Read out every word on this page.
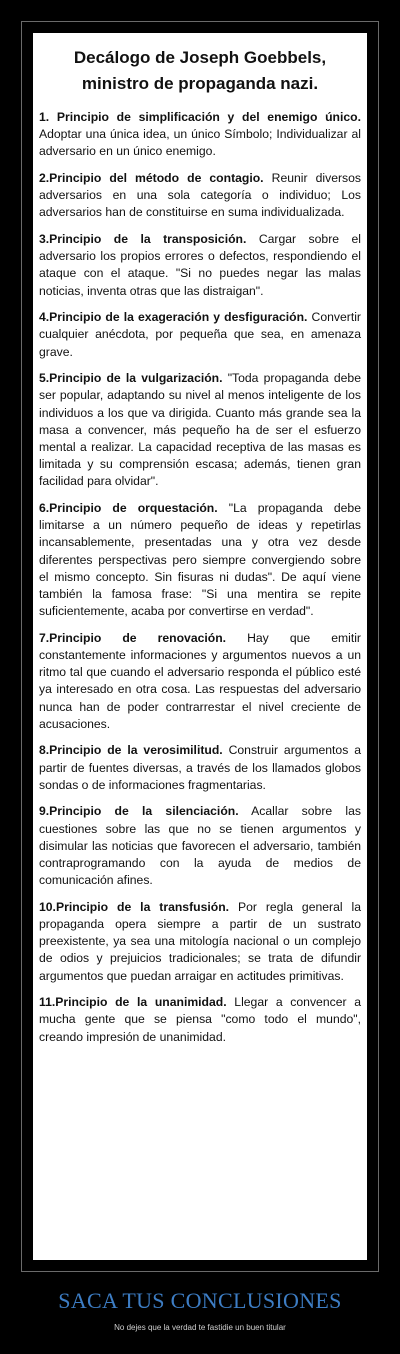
Decálogo de Joseph Goebbels,
ministro de propaganda nazi.
1. Principio de simplificación y del enemigo único. Adoptar una única idea, un único Símbolo; Individualizar al adversario en un único enemigo.
2.Principio del método de contagio. Reunir diversos adversarios en una sola categoría o individuo; Los adversarios han de constituirse en suma individualizada.
3.Principio de la transposición. Cargar sobre el adversario los propios errores o defectos, respondiendo el ataque con el ataque. "Si no puedes negar las malas noticias, inventa otras que las distraigan".
4.Principio de la exageración y desfiguración. Convertir cualquier anécdota, por pequeña que sea, en amenaza grave.
5.Principio de la vulgarización. "Toda propaganda debe ser popular, adaptando su nivel al menos inteligente de los individuos a los que va dirigida. Cuanto más grande sea la masa a convencer, más pequeño ha de ser el esfuerzo mental a realizar. La capacidad receptiva de las masas es limitada y su comprensión escasa; además, tienen gran facilidad para olvidar".
6.Principio de orquestación. "La propaganda debe limitarse a un número pequeño de ideas y repetirlas incansablemente, presentadas una y otra vez desde diferentes perspectivas pero siempre convergiendo sobre el mismo concepto. Sin fisuras ni dudas". De aquí viene también la famosa frase: "Si una mentira se repite suficientemente, acaba por convertirse en verdad".
7.Principio de renovación. Hay que emitir constantemente informaciones y argumentos nuevos a un ritmo tal que cuando el adversario responda el público esté ya interesado en otra cosa. Las respuestas del adversario nunca han de poder contrarrestar el nivel creciente de acusaciones.
8.Principio de la verosimilitud. Construir argumentos a partir de fuentes diversas, a través de los llamados globos sondas o de informaciones fragmentarias.
9.Principio de la silenciación. Acallar sobre las cuestiones sobre las que no se tienen argumentos y disimular las noticias que favorecen el adversario, también contraprogramando con la ayuda de medios de comunicación afines.
10.Principio de la transfusión. Por regla general la propaganda opera siempre a partir de un sustrato preexistente, ya sea una mitología nacional o un complejo de odios y prejuicios tradicionales; se trata de difundir argumentos que puedan arraigar en actitudes primitivas.
11.Principio de la unanimidad. Llegar a convencer a mucha gente que se piensa "como todo el mundo", creando impresión de unanimidad.
SACA TUS CONCLUSIONES
No dejes que la verdad te fastidie un buen titular
